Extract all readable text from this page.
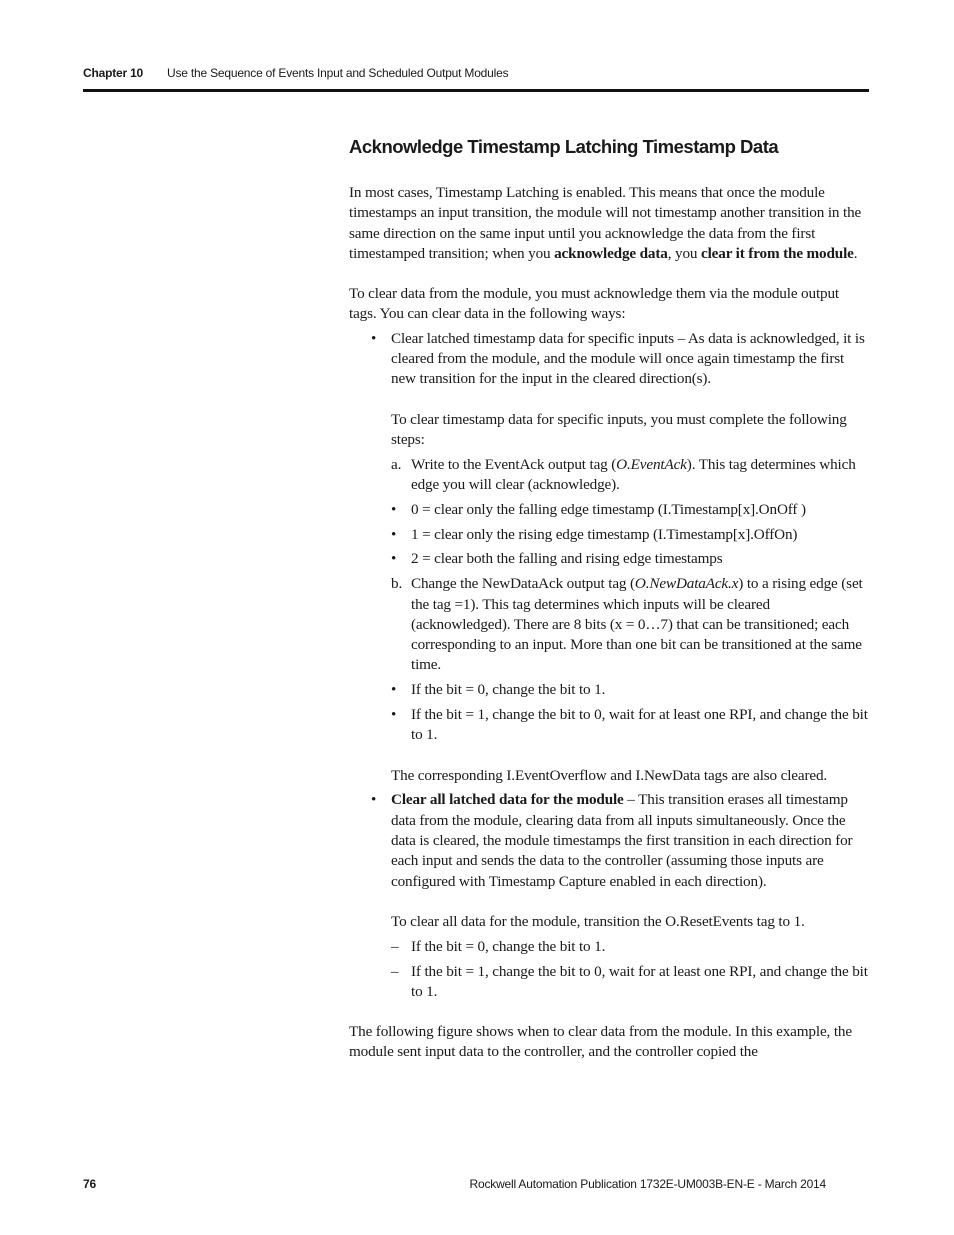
Chapter 10 Use the Sequence of Events Input and Scheduled Output Modules
Acknowledge Timestamp Latching Timestamp Data

In most cases, Timestamp Latching is enabled. This means that once the module timestamps an input transition, the module will not timestamp another transition in the same direction on the same input until you acknowledge the data from the first timestamped transition; when you acknowledge data, you clear it from the module.

To clear data from the module, you must acknowledge them via the module output tags. You can clear data in the following ways:

• Clear latched timestamp data for specific inputs – As data is acknowledged, it is cleared from the module, and the module will once again timestamp the first new transition for the input in the cleared direction(s).

To clear timestamp data for specific inputs, you must complete the following steps:

a. Write to the EventAck output tag (O.EventAck). This tag determines which edge you will clear (acknowledge).
• 0 = clear only the falling edge timestamp (I.Timestamp[x].OnOff )
• 1 = clear only the rising edge timestamp (I.Timestamp[x].OffOn)
• 2 = clear both the falling and rising edge timestamps
b. Change the NewDataAck output tag (O.NewDataAck.x) to a rising edge (set the tag =1). This tag determines which inputs will be cleared (acknowledged). There are 8 bits (x = 0…7) that can be transitioned; each corresponding to an input. More than one bit can be transitioned at the same time.
• If the bit = 0, change the bit to 1.
• If the bit = 1, change the bit to 0, wait for at least one RPI, and change the bit to 1.

The corresponding I.EventOverflow and I.NewData tags are also cleared.

• Clear all latched data for the module – This transition erases all timestamp data from the module, clearing data from all inputs simultaneously. Once the data is cleared, the module timestamps the first transition in each direction for each input and sends the data to the controller (assuming those inputs are configured with Timestamp Capture enabled in each direction).

To clear all data for the module, transition the O.ResetEvents tag to 1.

– If the bit = 0, change the bit to 1.
– If the bit = 1, change the bit to 0, wait for at least one RPI, and change the bit to 1.

The following figure shows when to clear data from the module. In this example, the module sent input data to the controller, and the controller copied the

76	Rockwell Automation Publication 1732E-UM003B-EN-E - March 2014
